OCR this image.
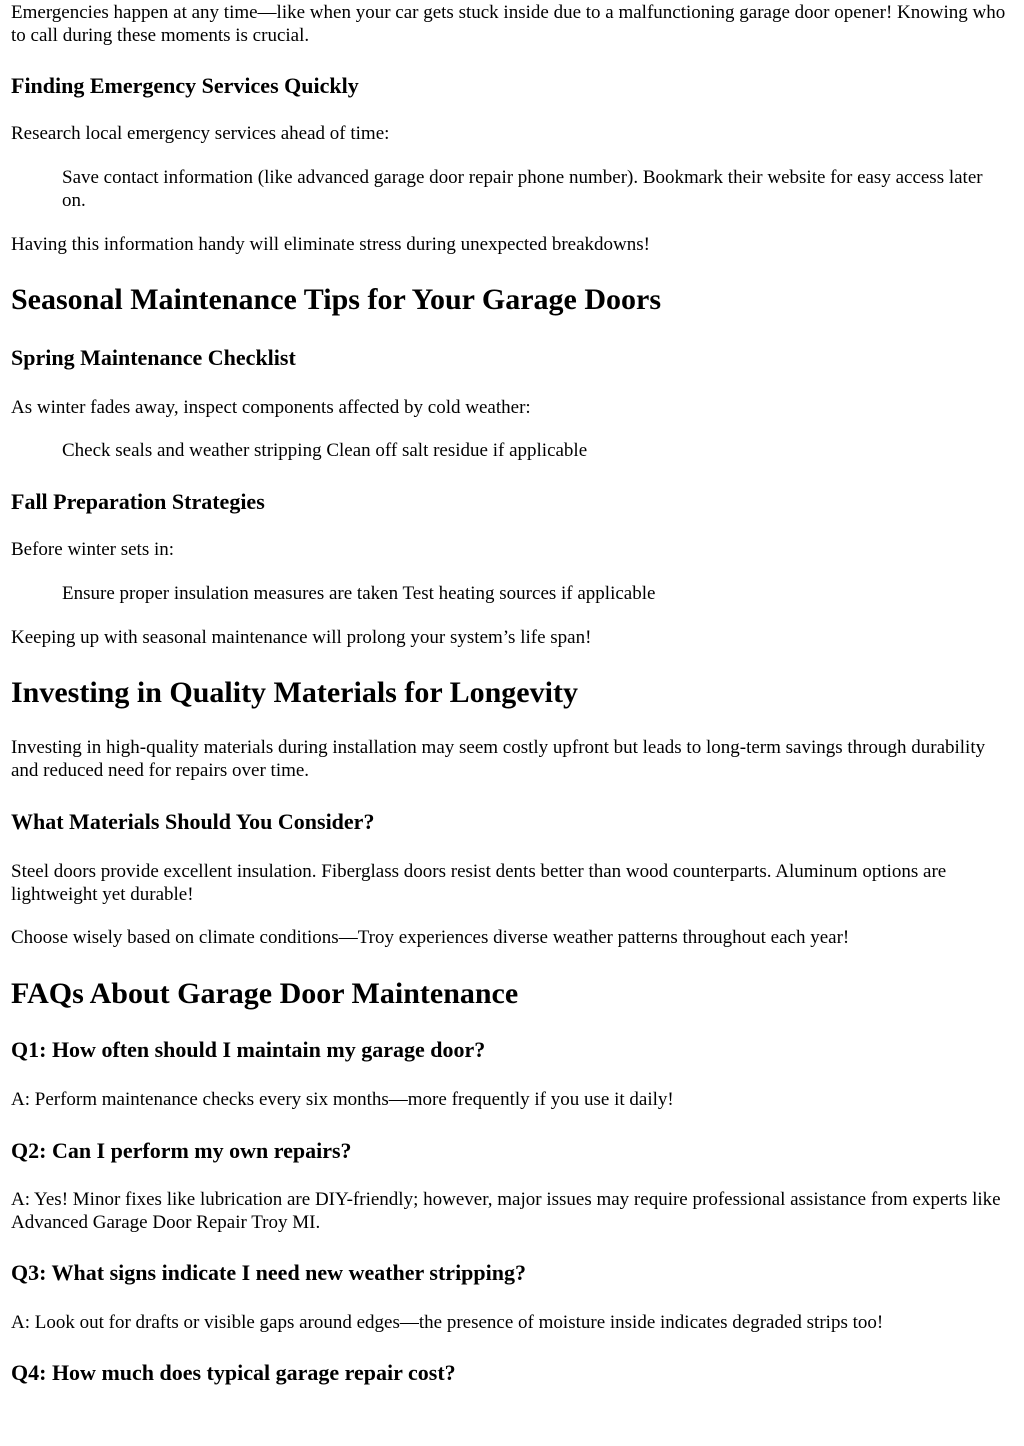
Emergencies happen at any time—like when your car gets stuck inside due to a malfunctioning garage door opener! Knowing who to call during these moments is crucial.

Finding Emergency Services Quickly

Research local emergency services ahead of time:

Save contact information (like advanced garage door repair phone number). Bookmark their website for easy access later on.

Having this information handy will eliminate stress during unexpected breakdowns!

Seasonal Maintenance Tips for Your Garage Doors
Spring Maintenance Checklist

As winter fades away, inspect components affected by cold weather:

Check seals and weather stripping Clean off salt residue if applicable

Fall Preparation Strategies

Before winter sets in:

Ensure proper insulation measures are taken Test heating sources if applicable

Keeping up with seasonal maintenance will prolong your system’s life span!

Investing in Quality Materials for Longevity

Investing in high-quality materials during installation may seem costly upfront but leads to long-term savings through durability and reduced need for repairs over time.

What Materials Should You Consider?

Steel doors provide excellent insulation. Fiberglass doors resist dents better than wood counterparts. Aluminum options are lightweight yet durable!

Choose wisely based on climate conditions—Troy experiences diverse weather patterns throughout each year!

FAQs About Garage Door Maintenance
Q1: How often should I maintain my garage door?

A: Perform maintenance checks every six months—more frequently if you use it daily!

Q2: Can I perform my own repairs?

A: Yes! Minor fixes like lubrication are DIY-friendly; however, major issues may require professional assistance from experts like Advanced Garage Door Repair Troy MI.

Q3: What signs indicate I need new weather stripping?

A: Look out for drafts or visible gaps around edges—the presence of moisture inside indicates degraded strips too!

Q4: How much does typical garage repair cost?
